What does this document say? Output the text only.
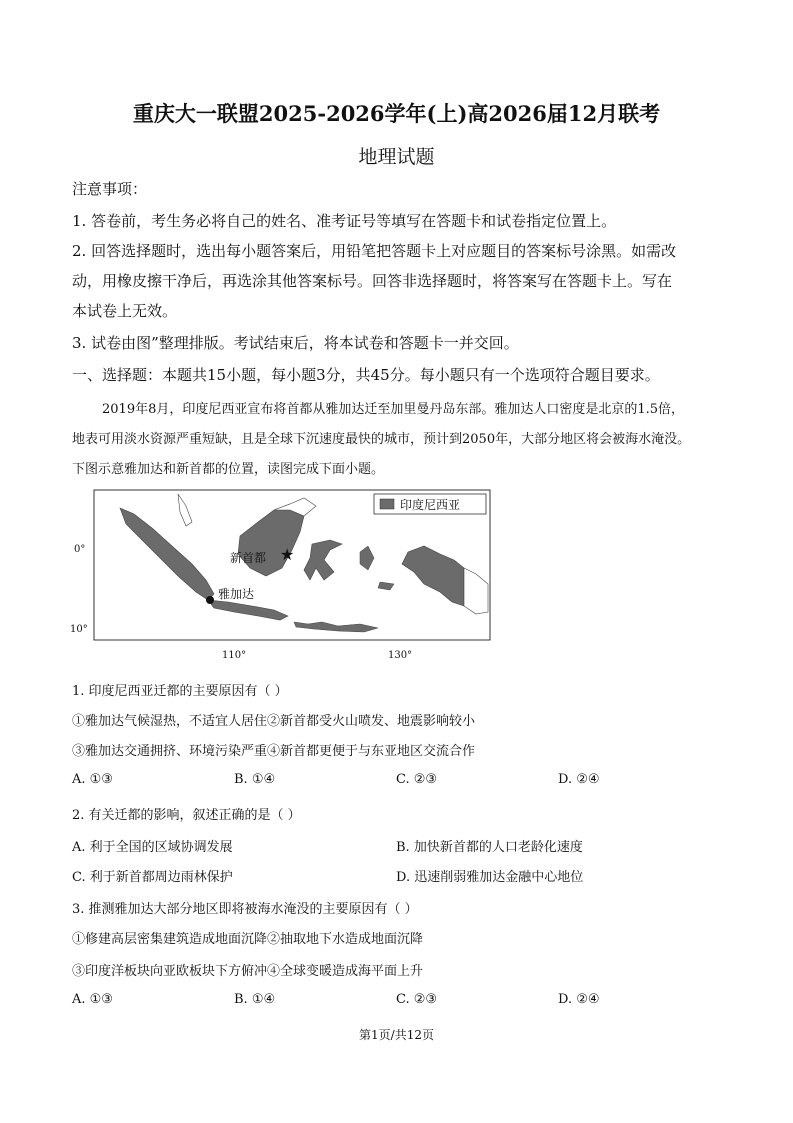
重庆大一联盟2025-2026学年(上)高2026届12月联考
地理试题
注意事项：
1. 答卷前，考生务必将自己的姓名、准考证号等填写在答题卡和试卷指定位置上。
2. 回答选择题时，选出每小题答案后，用铅笔把答题卡上对应题目的答案标号涂黑。如需改
动，用橡皮擦干净后，再选涂其他答案标号。回答非选择题时，将答案写在答题卡上。写在
本试卷上无效。
3. 试卷由图”整理排版。考试结束后，将本试卷和答题卡一并交回。
一、选择题：本题共15小题，每小题3分，共45分。每小题只有一个选项符合题目要求。
2019年8月，印度尼西亚宣布将首都从雅加达迁至加里曼丹岛东部。雅加达人口密度是北京的1.5倍，
地表可用淡水资源严重短缺，且是全球下沉速度最快的城市，预计到2050年，大部分地区将会被海水淹没。
下图示意雅加达和新首都的位置，读图完成下面小题。
印度尼西亚
★
新首都
雅加达
0°
10°
110°	130°
1. 印度尼西亚迁都的主要原因有（ ）
①雅加达气候湿热，不适宜人居住②新首都受火山喷发、地震影响较小
③雅加达交通拥挤、环境污染严重④新首都更便于与东亚地区交流合作
A. ①③	B. ①④	C. ②③	D. ②④
2. 有关迁都的影响，叙述正确的是（ ）
A. 利于全国的区域协调发展	B. 加快新首都的人口老龄化速度
C. 利于新首都周边雨林保护	D. 迅速削弱雅加达金融中心地位
3. 推测雅加达大部分地区即将被海水淹没的主要原因有（ ）
①修建高层密集建筑造成地面沉降②抽取地下水造成地面沉降
③印度洋板块向亚欧板块下方俯冲④全球变暖造成海平面上升
A. ①③	B. ①④	C. ②③	D. ②④
第1页/共12页
